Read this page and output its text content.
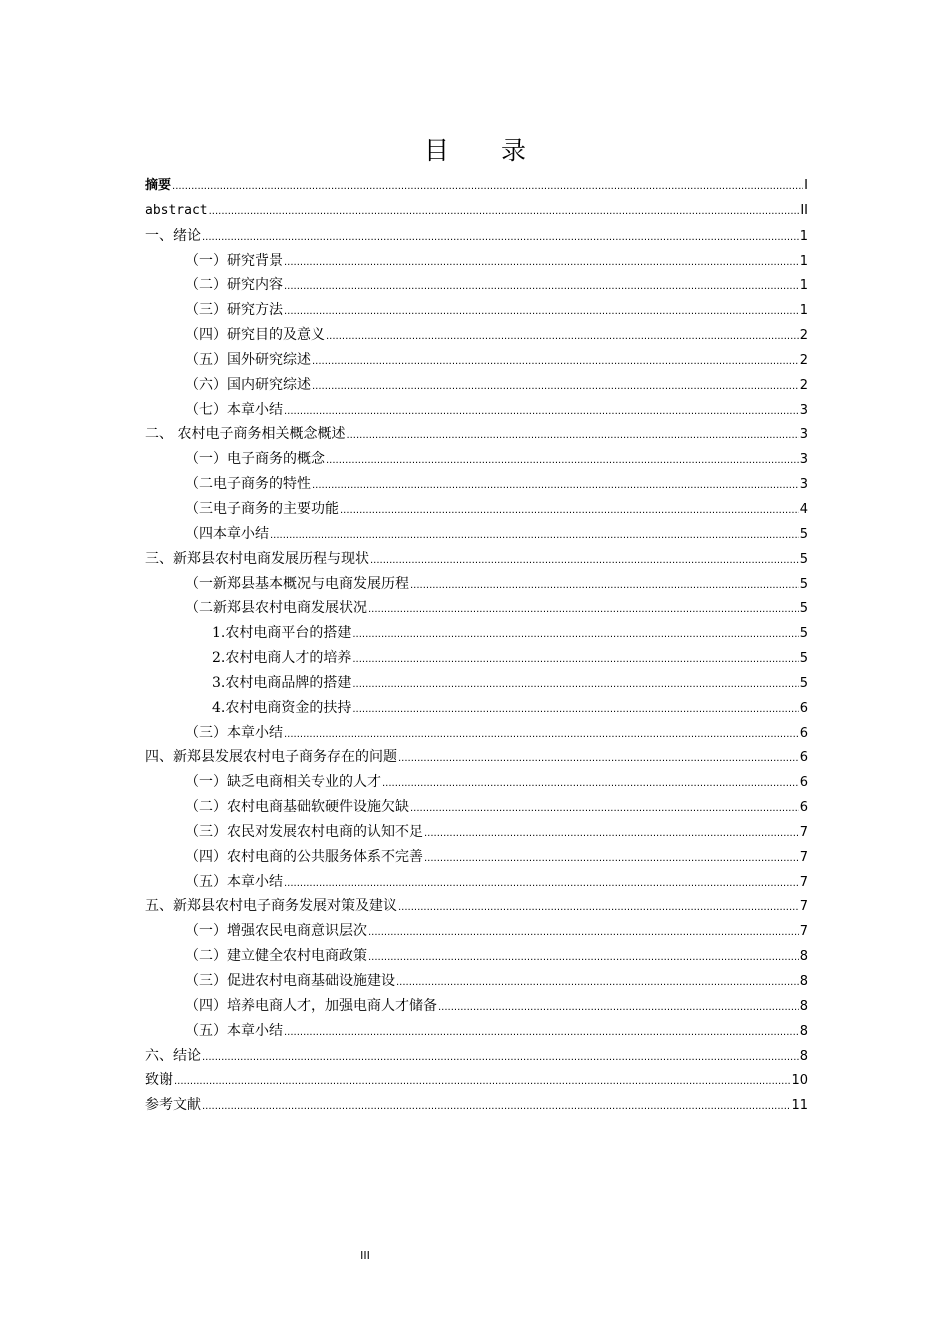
目 录
摘要 .....	I
abstract .....	II
一、绪论 .....	1
（一）研究背景 .....	1
（二）研究内容 .....	1
（三）研究方法 .....	1
（四）研究目的及意义 .....	2
（五）国外研究综述 .....	2
（六）国内研究综述 .....	2
（七）本章小结 .....	3
二、 农村电子商务相关概念概述 .....	3
（一）电子商务的概念 .....	3
（二电子商务的特性 .....	3
（三电子商务的主要功能 .....	4
（四本章小结 .....	5
三、新郑县农村电商发展历程与现状 .....	5
（一新郑县基本概况与电商发展历程 .....	5
（二新郑县农村电商发展状况 .....	5
1.农村电商平台的搭建 .....	5
2.农村电商人才的培养 .....	5
3.农村电商品牌的搭建 .....	5
4.农村电商资金的扶持 .....	6
（三）本章小结 .....	6
四、新郑县发展农村电子商务存在的问题 .....	6
（一）缺乏电商相关专业的人才 .....	6
（二）农村电商基础软硬件设施欠缺 .....	6
（三）农民对发展农村电商的认知不足 .....	7
（四）农村电商的公共服务体系不完善 .....	7
（五）本章小结 .....	7
五、新郑县农村电子商务发展对策及建议 .....	7
（一）增强农民电商意识层次 .....	7
（二）建立健全农村电商政策 .....	8
（三）促进农村电商基础设施建设 .....	8
（四）培养电商人才，加强电商人才储备 .....	8
（五）本章小结 .....	8
六、结论 .....	8
致谢 .....	10
参考文献 .....	11
III
